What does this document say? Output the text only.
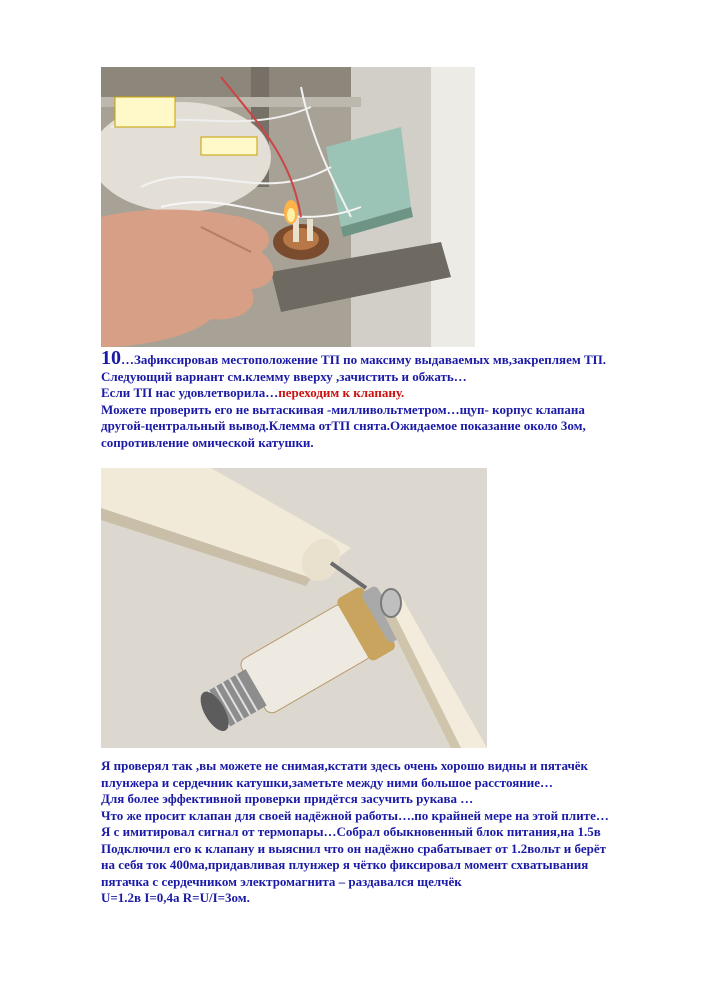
10…Зафиксировав местоположение ТП по максиму выдаваемых мв,закрепляем ТП.

Следующий вариант см.клемму вверху ,зачистить и обжать…

Если ТП нас удовлетворила…переходим к клапану.

Можете проверить его не вытаскивая -милливольтметром…щуп- корпус клапана

другой-центральный вывод.Клемма отТП снята.Ожидаемое показание около 3ом,

сопротивление омической катушки.

Я проверял так ,вы можете не снимая,кстати здесь очень хорошо видны и пятачёк

плунжера и сердечник катушки,заметьте между ними большое расстояние…

Для более эффективной проверки придётся засучить рукава …

Что же просит клапан для своей надёжной работы….по крайней мере на этой плите…

Я с имитировал сигнал от термопары…Собрал обыкновенный блок питания,на 1.5в

Подключил его к клапану и выяснил что он надёжно срабатывает от 1.2вольт и берёт

на себя ток 400ма,придавливая плунжер я чётко фиксировал момент схватывания

пятачка с сердечником электромагнита – раздавался щелчёк

U=1.2в I=0,4а R=U/I=3ом.
